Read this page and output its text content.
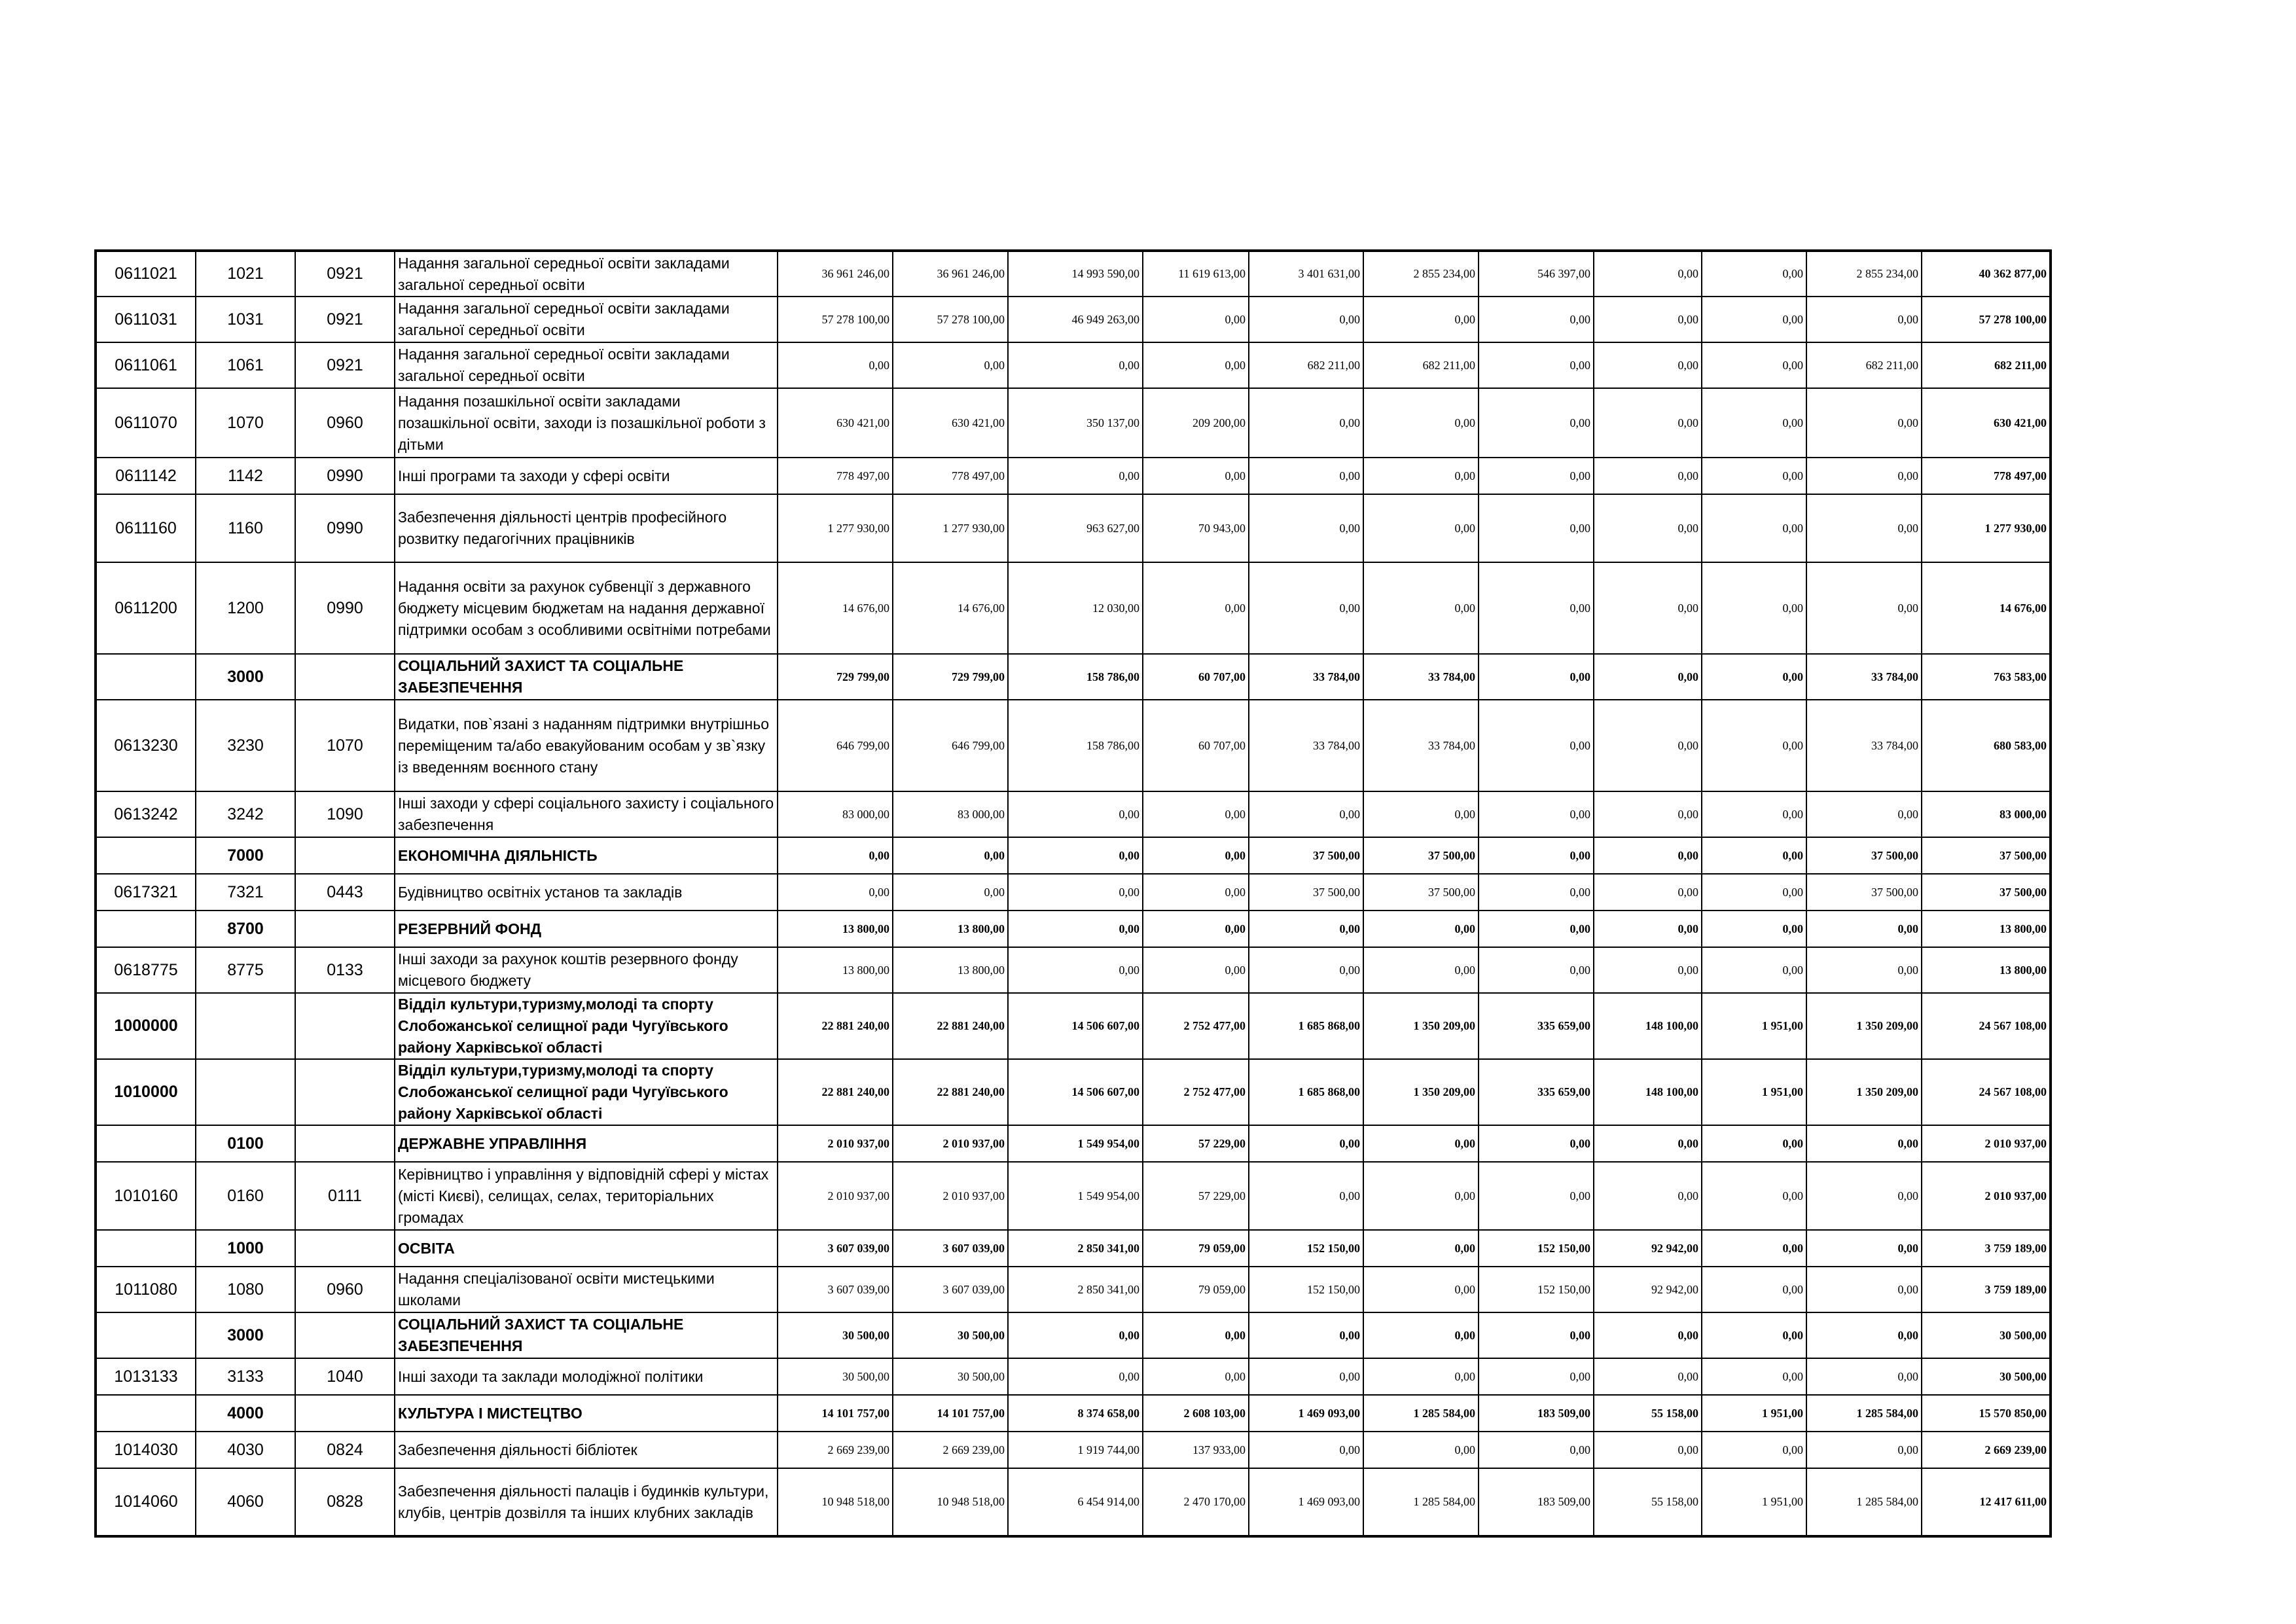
0611021	1021	0921	Надання загальної середньої освіти закладами загальної середньої освіти	36 961 246,00	36 961 246,00	14 993 590,00	11 619 613,00	3 401 631,00	2 855 234,00	546 397,00	0,00	0,00	2 855 234,00	40 362 877,00
0611031	1031	0921	Надання загальної середньої освіти закладами загальної середньої освіти	57 278 100,00	57 278 100,00	46 949 263,00	0,00	0,00	0,00	0,00	0,00	0,00	0,00	57 278 100,00
0611061	1061	0921	Надання загальної середньої освіти закладами загальної середньої освіти	0,00	0,00	0,00	0,00	682 211,00	682 211,00	0,00	0,00	0,00	682 211,00	682 211,00
0611070	1070	0960	Надання позашкільної освіти закладами позашкільної освіти, заходи із позашкільної роботи з дітьми	630 421,00	630 421,00	350 137,00	209 200,00	0,00	0,00	0,00	0,00	0,00	0,00	630 421,00
0611142	1142	0990	Інші програми та заходи у сфері освіти	778 497,00	778 497,00	0,00	0,00	0,00	0,00	0,00	0,00	0,00	0,00	778 497,00
0611160	1160	0990	Забезпечення діяльності центрів професійного розвитку педагогічних працівників	1 277 930,00	1 277 930,00	963 627,00	70 943,00	0,00	0,00	0,00	0,00	0,00	0,00	1 277 930,00
0611200	1200	0990	Надання освіти за рахунок субвенції з державного бюджету місцевим бюджетам на надання державної підтримки особам з особливими освітніми потребами	14 676,00	14 676,00	12 030,00	0,00	0,00	0,00	0,00	0,00	0,00	0,00	14 676,00
	3000		СОЦІАЛЬНИЙ ЗАХИСТ ТА СОЦІАЛЬНЕ ЗАБЕЗПЕЧЕННЯ	729 799,00	729 799,00	158 786,00	60 707,00	33 784,00	33 784,00	0,00	0,00	0,00	33 784,00	763 583,00
0613230	3230	1070	Видатки, пов`язані з наданням підтримки внутрішньо переміщеним та/або евакуйованим особам у зв`язку із введенням воєнного стану	646 799,00	646 799,00	158 786,00	60 707,00	33 784,00	33 784,00	0,00	0,00	0,00	33 784,00	680 583,00
0613242	3242	1090	Інші заходи у сфері соціального захисту і соціального забезпечення	83 000,00	83 000,00	0,00	0,00	0,00	0,00	0,00	0,00	0,00	0,00	83 000,00
	7000		ЕКОНОМІЧНА ДІЯЛЬНІСТЬ	0,00	0,00	0,00	0,00	37 500,00	37 500,00	0,00	0,00	0,00	37 500,00	37 500,00
0617321	7321	0443	Будівництво освітніх установ та закладів	0,00	0,00	0,00	0,00	37 500,00	37 500,00	0,00	0,00	0,00	37 500,00	37 500,00
	8700		РЕЗЕРВНИЙ ФОНД	13 800,00	13 800,00	0,00	0,00	0,00	0,00	0,00	0,00	0,00	0,00	13 800,00
0618775	8775	0133	Інші заходи за рахунок коштів резервного фонду місцевого бюджету	13 800,00	13 800,00	0,00	0,00	0,00	0,00	0,00	0,00	0,00	0,00	13 800,00
1000000			Відділ культури,туризму,молоді та спорту Слобожанської селищної ради Чугуївського району Харківської області	22 881 240,00	22 881 240,00	14 506 607,00	2 752 477,00	1 685 868,00	1 350 209,00	335 659,00	148 100,00	1 951,00	1 350 209,00	24 567 108,00
1010000			Відділ культури,туризму,молоді та спорту Слобожанської селищної ради Чугуївського району Харківської області	22 881 240,00	22 881 240,00	14 506 607,00	2 752 477,00	1 685 868,00	1 350 209,00	335 659,00	148 100,00	1 951,00	1 350 209,00	24 567 108,00
	0100		ДЕРЖАВНЕ УПРАВЛІННЯ	2 010 937,00	2 010 937,00	1 549 954,00	57 229,00	0,00	0,00	0,00	0,00	0,00	0,00	2 010 937,00
1010160	0160	0111	Керівництво і управління у відповідній сфері у містах (місті Києві), селищах, селах, територіальних громадах	2 010 937,00	2 010 937,00	1 549 954,00	57 229,00	0,00	0,00	0,00	0,00	0,00	0,00	2 010 937,00
	1000		ОСВІТА	3 607 039,00	3 607 039,00	2 850 341,00	79 059,00	152 150,00	0,00	152 150,00	92 942,00	0,00	0,00	3 759 189,00
1011080	1080	0960	Надання спеціалізованої освіти мистецькими школами	3 607 039,00	3 607 039,00	2 850 341,00	79 059,00	152 150,00	0,00	152 150,00	92 942,00	0,00	0,00	3 759 189,00
	3000		СОЦІАЛЬНИЙ ЗАХИСТ ТА СОЦІАЛЬНЕ ЗАБЕЗПЕЧЕННЯ	30 500,00	30 500,00	0,00	0,00	0,00	0,00	0,00	0,00	0,00	0,00	30 500,00
1013133	3133	1040	Інші заходи та заклади молодіжної політики	30 500,00	30 500,00	0,00	0,00	0,00	0,00	0,00	0,00	0,00	0,00	30 500,00
	4000		КУЛЬТУРА І МИСТЕЦТВО	14 101 757,00	14 101 757,00	8 374 658,00	2 608 103,00	1 469 093,00	1 285 584,00	183 509,00	55 158,00	1 951,00	1 285 584,00	15 570 850,00
1014030	4030	0824	Забезпечення діяльності бібліотек	2 669 239,00	2 669 239,00	1 919 744,00	137 933,00	0,00	0,00	0,00	0,00	0,00	0,00	2 669 239,00
1014060	4060	0828	Забезпечення діяльності палаців і будинків культури, клубів, центрів дозвілля та інших клубних закладів	10 948 518,00	10 948 518,00	6 454 914,00	2 470 170,00	1 469 093,00	1 285 584,00	183 509,00	55 158,00	1 951,00	1 285 584,00	12 417 611,00
